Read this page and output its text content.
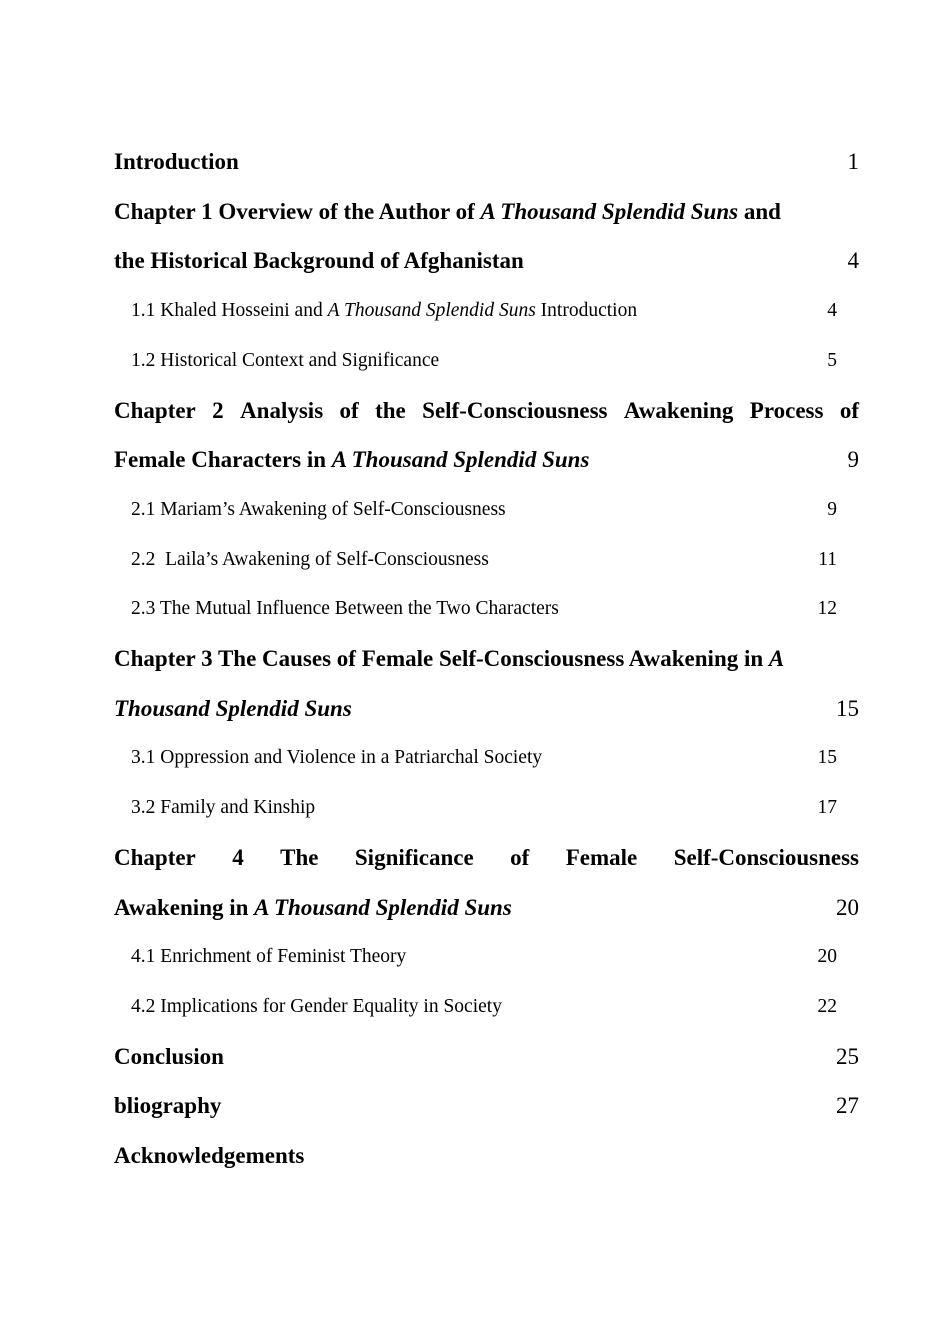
Introduction .....	1
Chapter 1 Overview of the Author of A Thousand Splendid Suns and
the Historical Background of Afghanistan .....	4
1.1 Khaled Hosseini and A Thousand Splendid Suns Introduction .....	4
1.2 Historical Context and Significance .....	5
Chapter 2 Analysis of the Self-Consciousness Awakening Process of
Female Characters in A Thousand Splendid Suns .....	9
2.1 Mariam’s Awakening of Self-Consciousness .....	9
2.2  Laila’s Awakening of Self-Consciousness .....	11
2.3 The Mutual Influence Between the Two Characters .....	12
Chapter 3 The Causes of Female Self-Consciousness Awakening in A
Thousand Splendid Suns .....	15
3.1 Oppression and Violence in a Patriarchal Society .....	15
3.2 Family and Kinship .....	17
Chapter 4 The Significance of Female Self-Consciousness
Awakening in A Thousand Splendid Suns .....	20
4.1 Enrichment of Feminist Theory .....	20
4.2 Implications for Gender Equality in Society .....	22
Conclusion .....	25
bliography .....	27
Acknowledgements
